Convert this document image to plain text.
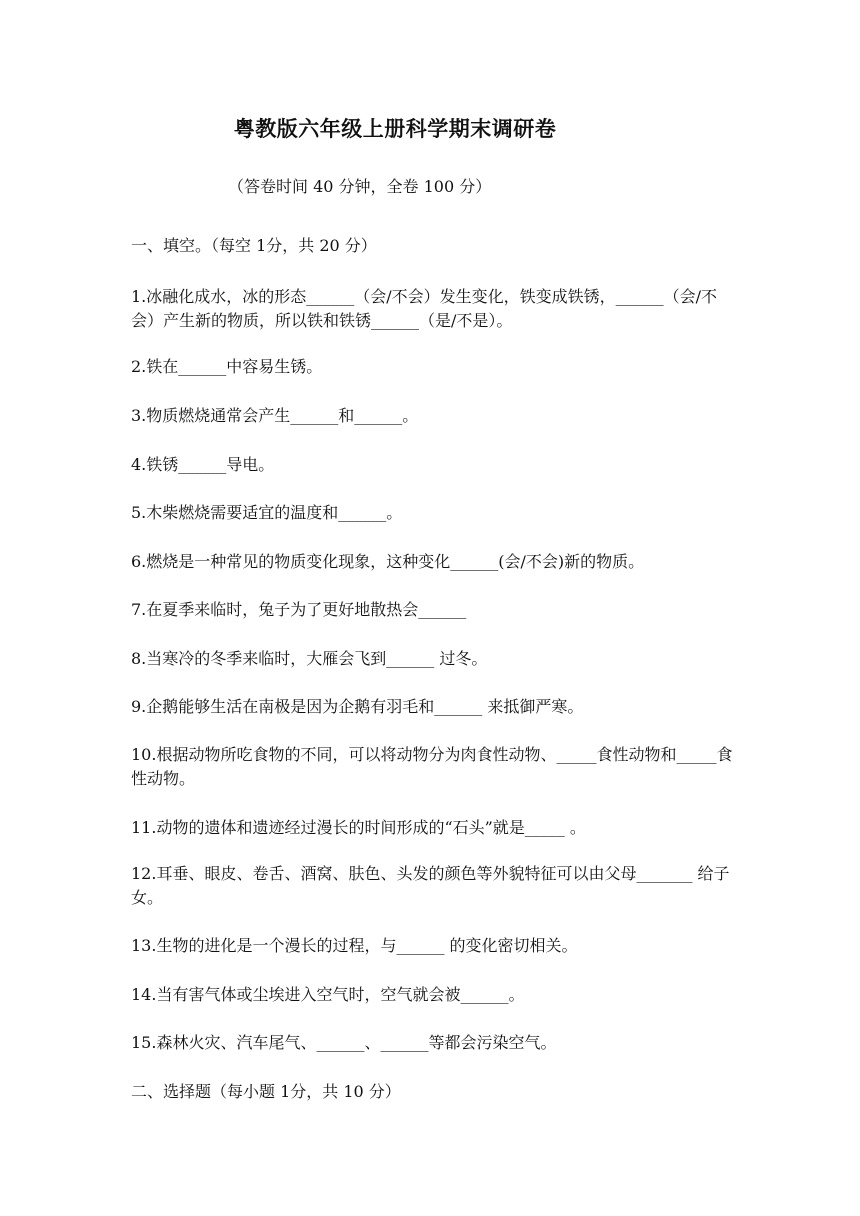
粤教版六年级上册科学期末调研卷
（答卷时间 40 分钟，全卷 100 分）
一、填空。（每空 1分，共 20 分）
1.冰融化成水，冰的形态______（会/不会）发生变化，铁变成铁锈，______（会/不会）产生新的物质，所以铁和铁锈______（是/不是）。
2.铁在______中容易生锈。
3.物质燃烧通常会产生______和______。
4.铁锈______导电。
5.木柴燃烧需要适宜的温度和______。
6.燃烧是一种常见的物质变化现象，这种变化______(会/不会)新的物质。
7.在夏季来临时，兔子为了更好地散热会______
8.当寒冷的冬季来临时，大雁会飞到______ 过冬。
9.企鹅能够生活在南极是因为企鹅有羽毛和______ 来抵御严寒。
10.根据动物所吃食物的不同，可以将动物分为肉食性动物、_____食性动物和_____食性动物。
11.动物的遗体和遗迹经过漫长的时间形成的“石头”就是_____ 。
12.耳垂、眼皮、卷舌、酒窝、肤色、头发的颜色等外貌特征可以由父母_______ 给子女。
13.生物的进化是一个漫长的过程，与______ 的变化密切相关。
14.当有害气体或尘埃进入空气时，空气就会被______。
15.森林火灾、汽车尾气、______、______等都会污染空气。
二、选择题（每小题 1分，共 10 分）
